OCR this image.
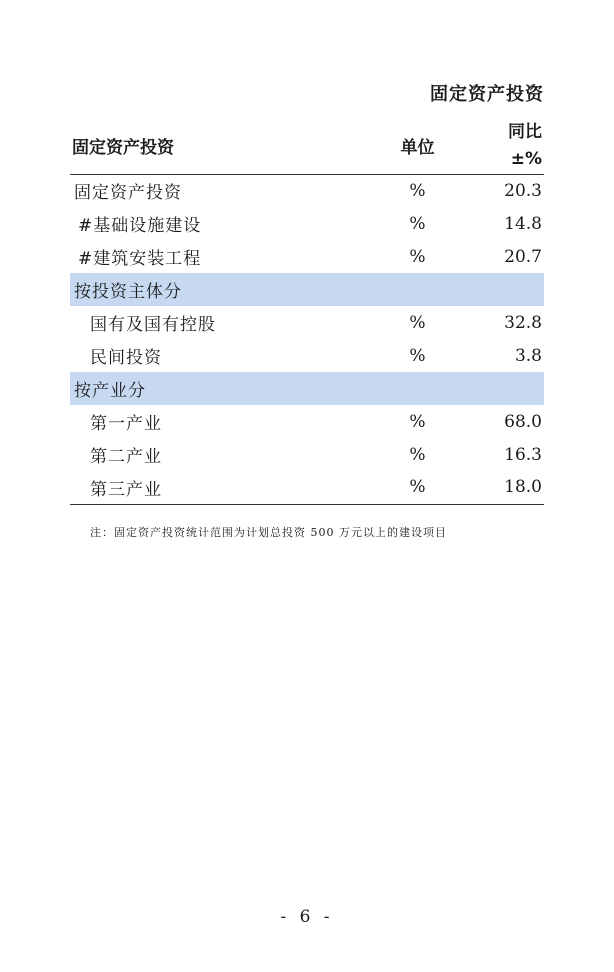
固定资产投资
固定资产投资	单位	同比
±%

固定资产投资	%	20.3
#基础设施建设	%	14.8
#建筑安装工程	%	20.7
按投资主体分		
国有及国有控股	%	32.8
民间投资	%	3.8
按产业分		
第一产业	%	68.0
第二产业	%	16.3
第三产业	%	18.0
注：固定资产投资统计范围为计划总投资 500 万元以上的建设项目
- 6 -
